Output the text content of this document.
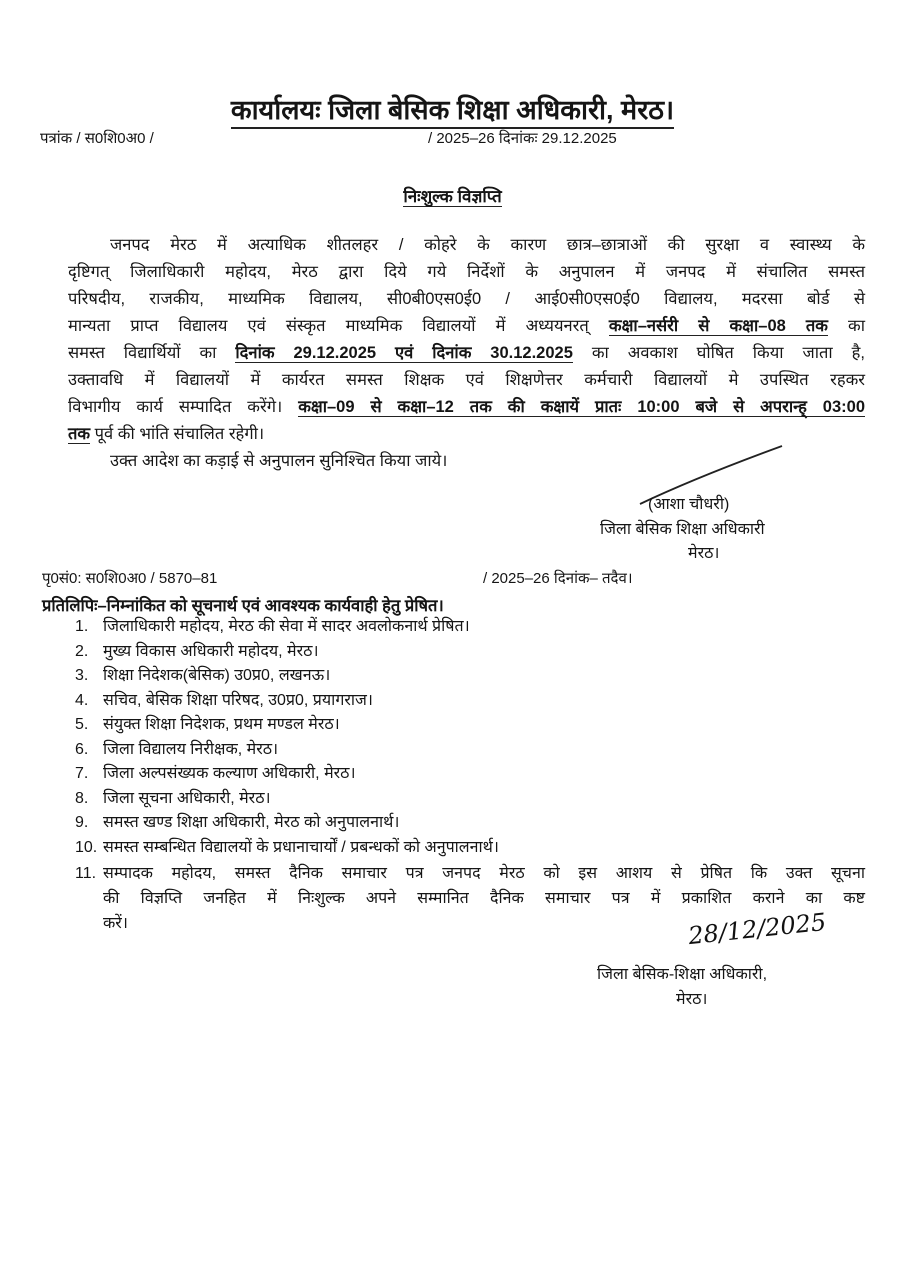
कार्यालयः जिला बेसिक शिक्षा अधिकारी, मेरठ।
पत्रांक / स0शि0अ0 /	/ 2025–26 दिनांकः 29.12.2025
निःशुल्क विज्ञप्ति
जनपद मेरठ में अत्याधिक शीतलहर / कोहरे के कारण छात्र–छात्राओं की सुरक्षा व स्वास्थ्य के
दृष्टिगत् जिलाधिकारी महोदय, मेरठ द्वारा दिये गये निर्देशों के अनुपालन में जनपद में संचालित समस्त
परिषदीय, राजकीय, माध्यमिक विद्यालय, सी0बी0एस0ई0 / आई0सी0एस0ई0 विद्यालय, मदरसा बोर्ड से
मान्यता प्राप्त विद्यालय एवं संस्कृत माध्यमिक विद्यालयों में अध्ययनरत् कक्षा–नर्सरी से कक्षा–08 तक का
समस्त विद्यार्थियों का दिनांक 29.12.2025 एवं दिनांक 30.12.2025 का अवकाश घोषित किया जाता है,
उक्तावधि में विद्यालयों में कार्यरत समस्त शिक्षक एवं शिक्षणेत्तर कर्मचारी विद्यालयों मे उपस्थित रहकर
विभागीय कार्य सम्पादित करेंगे। कक्षा–09 से कक्षा–12 तक की कक्षायें प्रातः 10:00 बजे से अपरान्ह् 03:00
तक पूर्व की भांति संचालित रहेगी।
उक्त आदेश का कड़ाई से अनुपालन सुनिश्चित किया जाये।
(आशा चौधरी)
जिला बेसिक शिक्षा अधिकारी
मेरठ।
पृ0सं0: स0शि0अ0 / 5870–81	/ 2025–26 दिनांक– तदैव।
प्रतिलिपिः–निम्नांकित को सूचनार्थ एवं आवश्यक कार्यवाही हेतु प्रेषित।
1. जिलाधिकारी महोदय, मेरठ की सेवा में सादर अवलोकनार्थ प्रेषित।
2. मुख्य विकास अधिकारी महोदय, मेरठ।
3. शिक्षा निदेशक(बेसिक) उ0प्र0, लखनऊ।
4. सचिव, बेसिक शिक्षा परिषद, उ0प्र0, प्रयागराज।
5. संयुक्त शिक्षा निदेशक, प्रथम मण्डल मेरठ।
6. जिला विद्यालय निरीक्षक, मेरठ।
7. जिला अल्पसंख्यक कल्याण अधिकारी, मेरठ।
8. जिला सूचना अधिकारी, मेरठ।
9. समस्त खण्ड शिक्षा अधिकारी, मेरठ को अनुपालनार्थ।
10. समस्त सम्बन्धित विद्यालयों के प्रधानाचार्यों / प्रबन्धकों को अनुपालनार्थ।
11. सम्पादक महोदय, समस्त दैनिक समाचार पत्र जनपद मेरठ को इस आशय से प्रेषित कि उक्त सूचना
की विज्ञप्ति जनहित में निःशुल्क अपने सम्मानित दैनिक समाचार पत्र में प्रकाशित कराने का कष्ट
करें।	28/12/2025
जिला बेसिक-शिक्षा अधिकारी,
मेरठ।
